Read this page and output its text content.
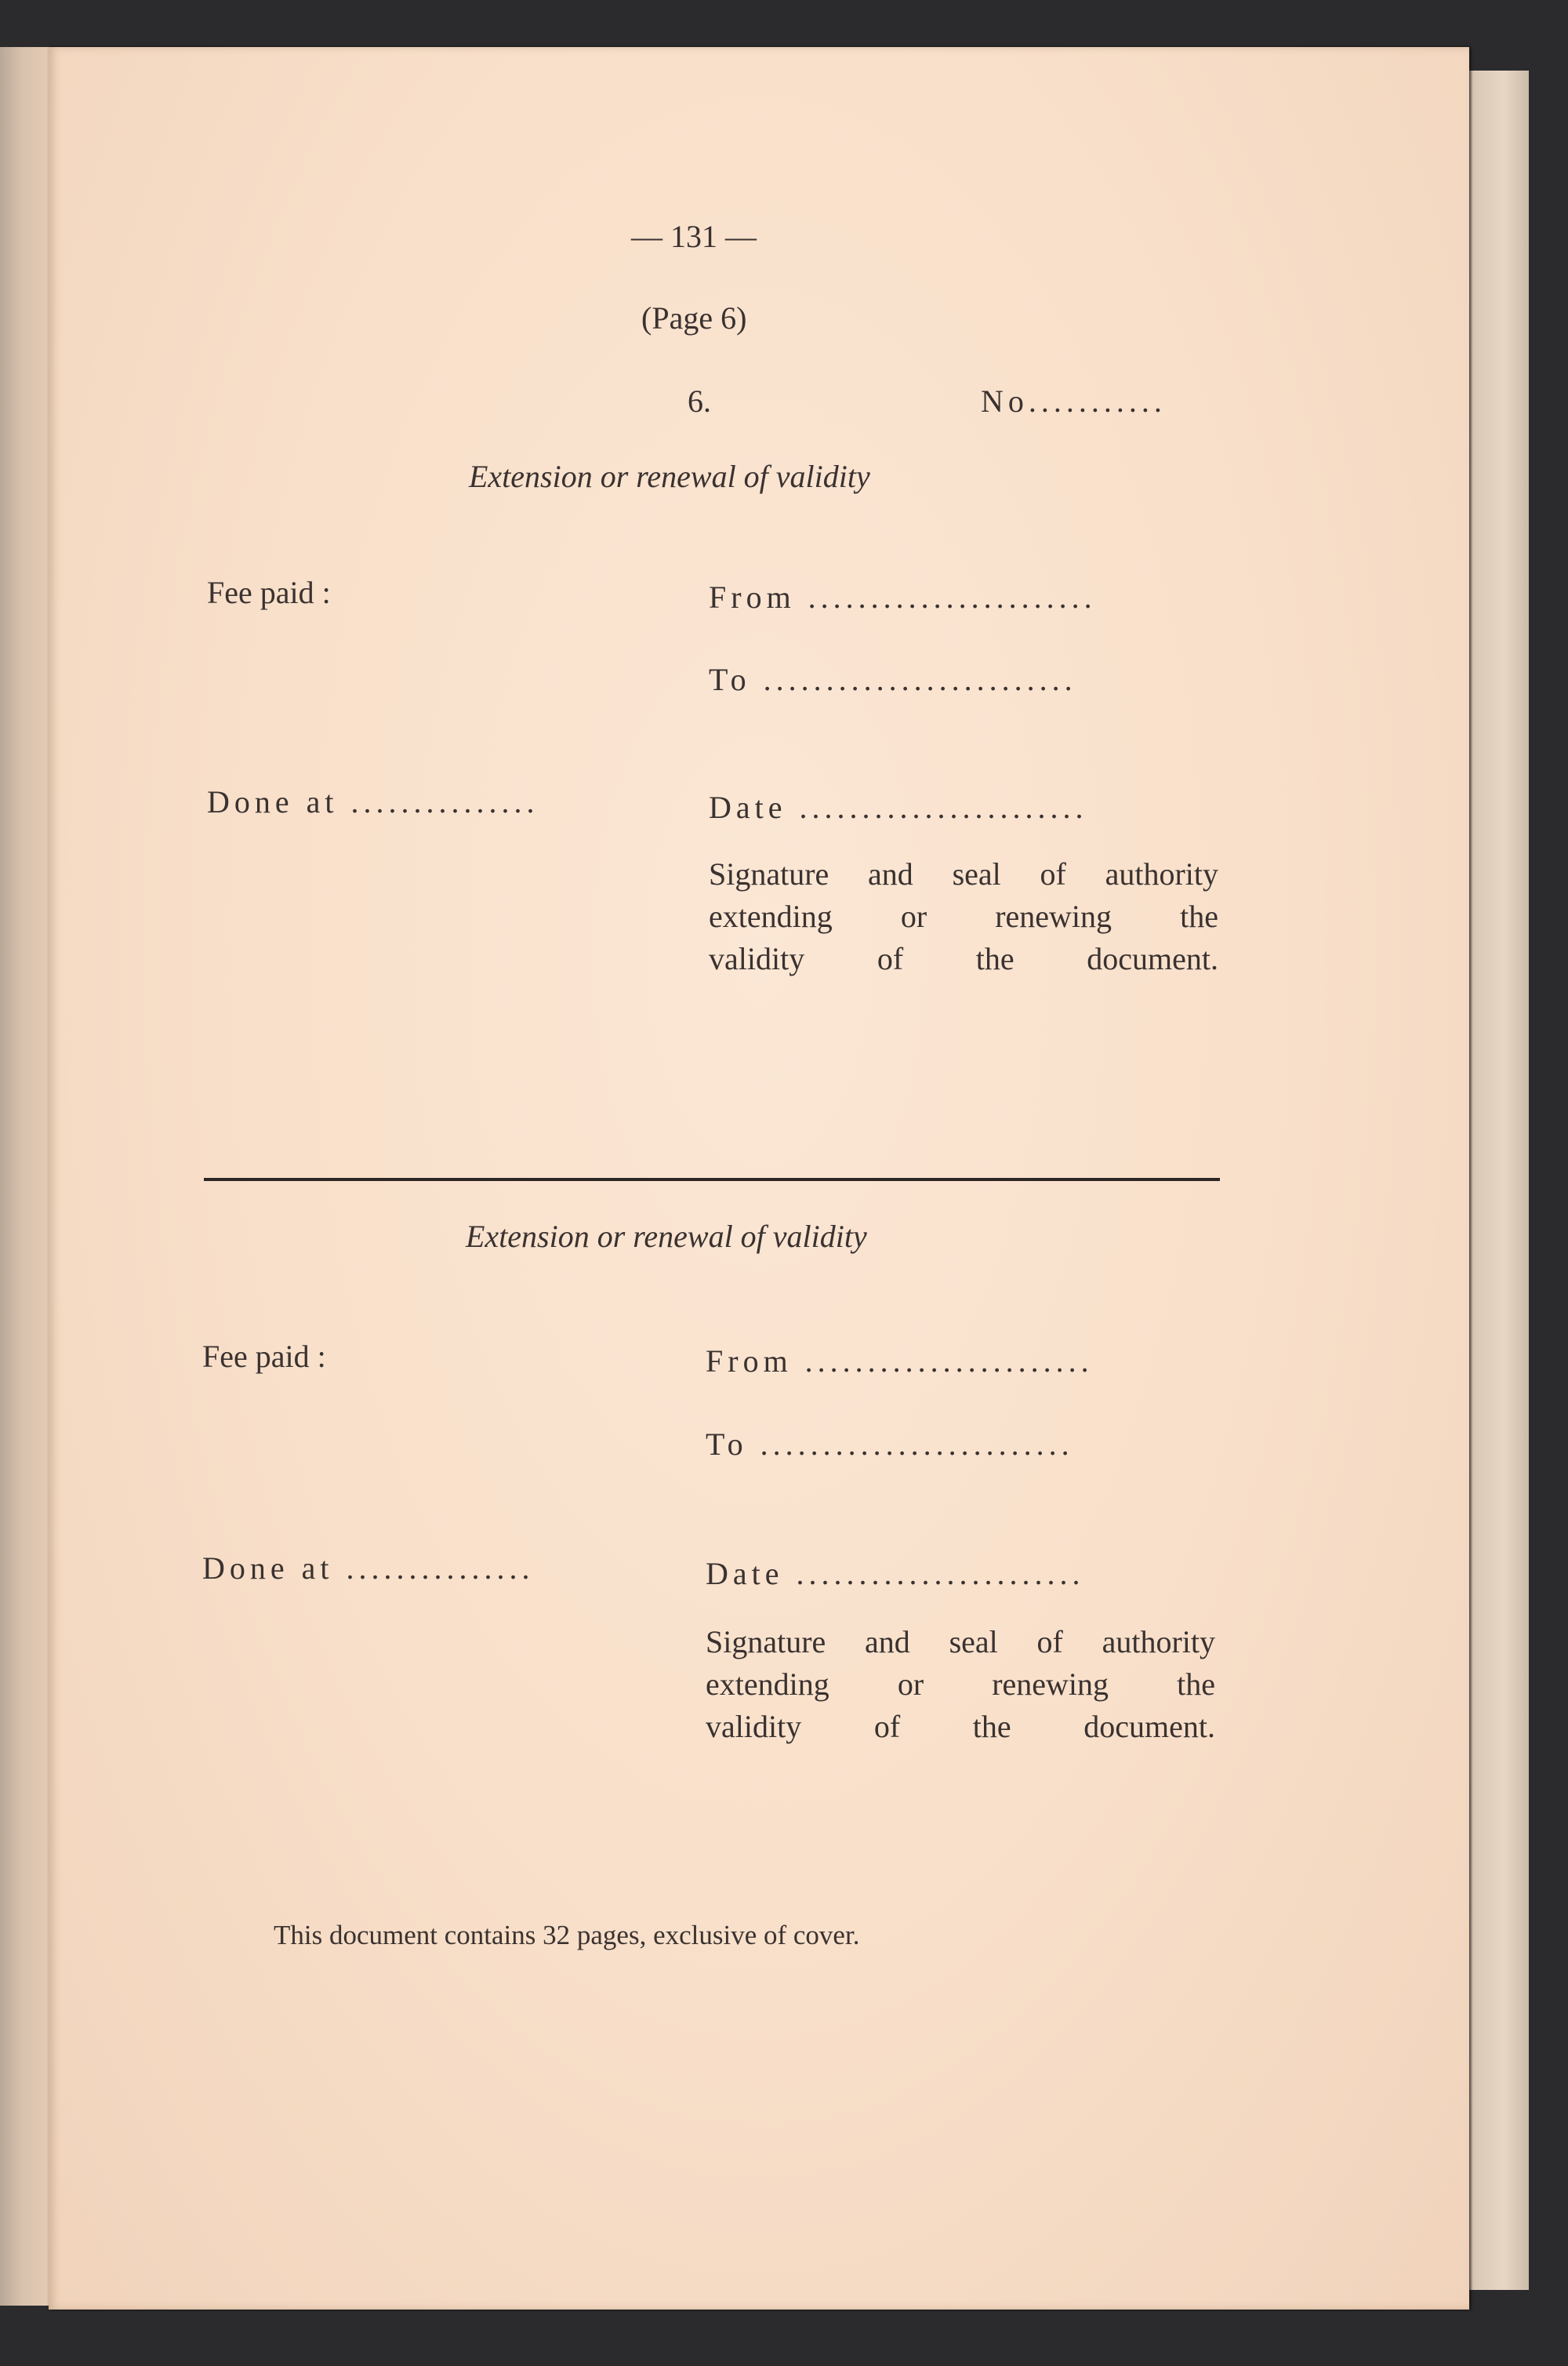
— 131 —
(Page 6)
6.	No...........
Extension or renewal of validity
Fee paid :	From .......................
To .........................
Done at ...............	Date .......................
Signature and seal of authority
extending or renewing the
validity of the document.
Extension or renewal of validity
Fee paid :	From .......................
To .........................
Done at ...............	Date .......................
Signature and seal of authority
extending or renewing the
validity of the document.
This document contains 32 pages, exclusive of cover.
